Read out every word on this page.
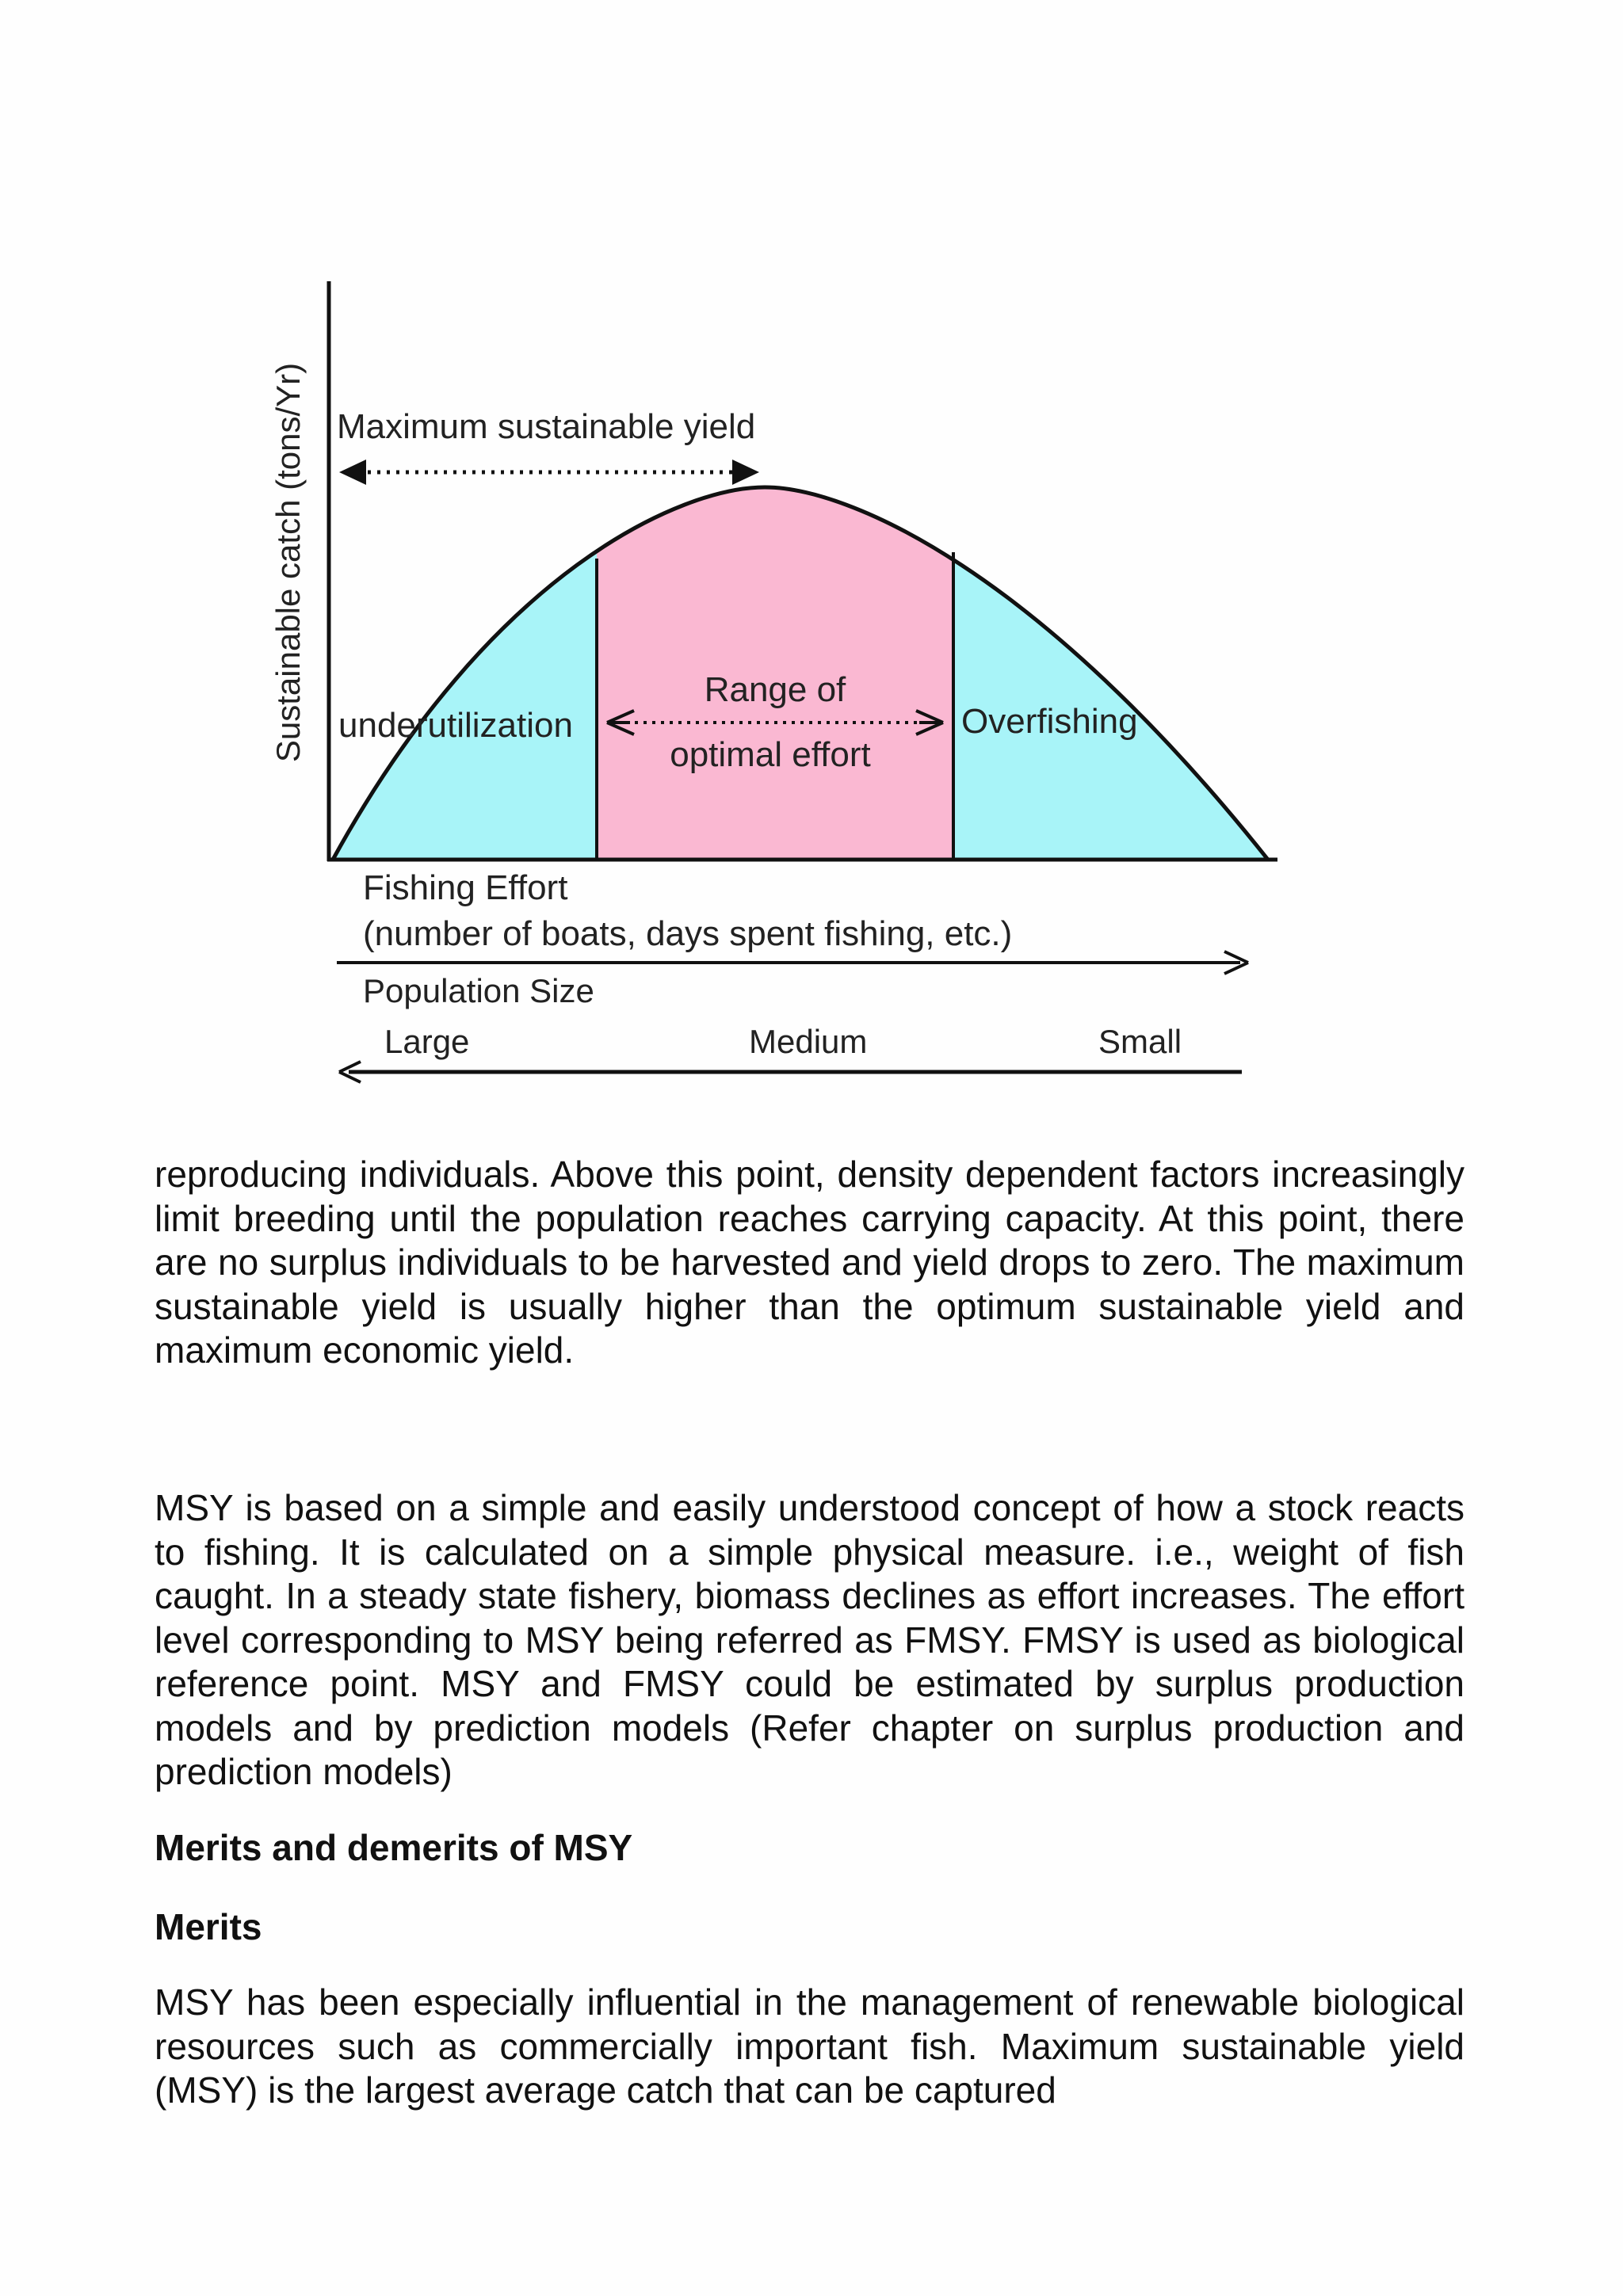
Sustainable catch (tons/Yr) Maximum sustainable yield
underutilization
Range of
optimal effort
Overfishing
Fishing Effort
(number of boats, days spent fishing, etc.)
Population Size
Large	Medium	Small

reproducing individuals. Above this point, density dependent factors increasingly limit breeding until the population reaches carrying capacity. At this point, there are no surplus individuals to be harvested and yield drops to zero. The maximum sustainable yield is usually higher than the optimum sustainable yield and maximum economic yield.

MSY is based on a simple and easily understood concept of how a stock reacts to fishing. It is calculated on a simple physical measure. i.e., weight of fish caught. In a steady state fishery, biomass declines as effort increases. The effort level corresponding to MSY being referred as FMSY. FMSY is used as biological reference point. MSY and FMSY could be estimated by surplus production models and by prediction models (Refer chapter on surplus production and prediction models)

Merits and demerits of MSY
Merits

MSY has been especially influential in the management of renewable biological resources such as commercially important fish. Maximum sustainable yield (MSY) is the largest average catch that can be captured
